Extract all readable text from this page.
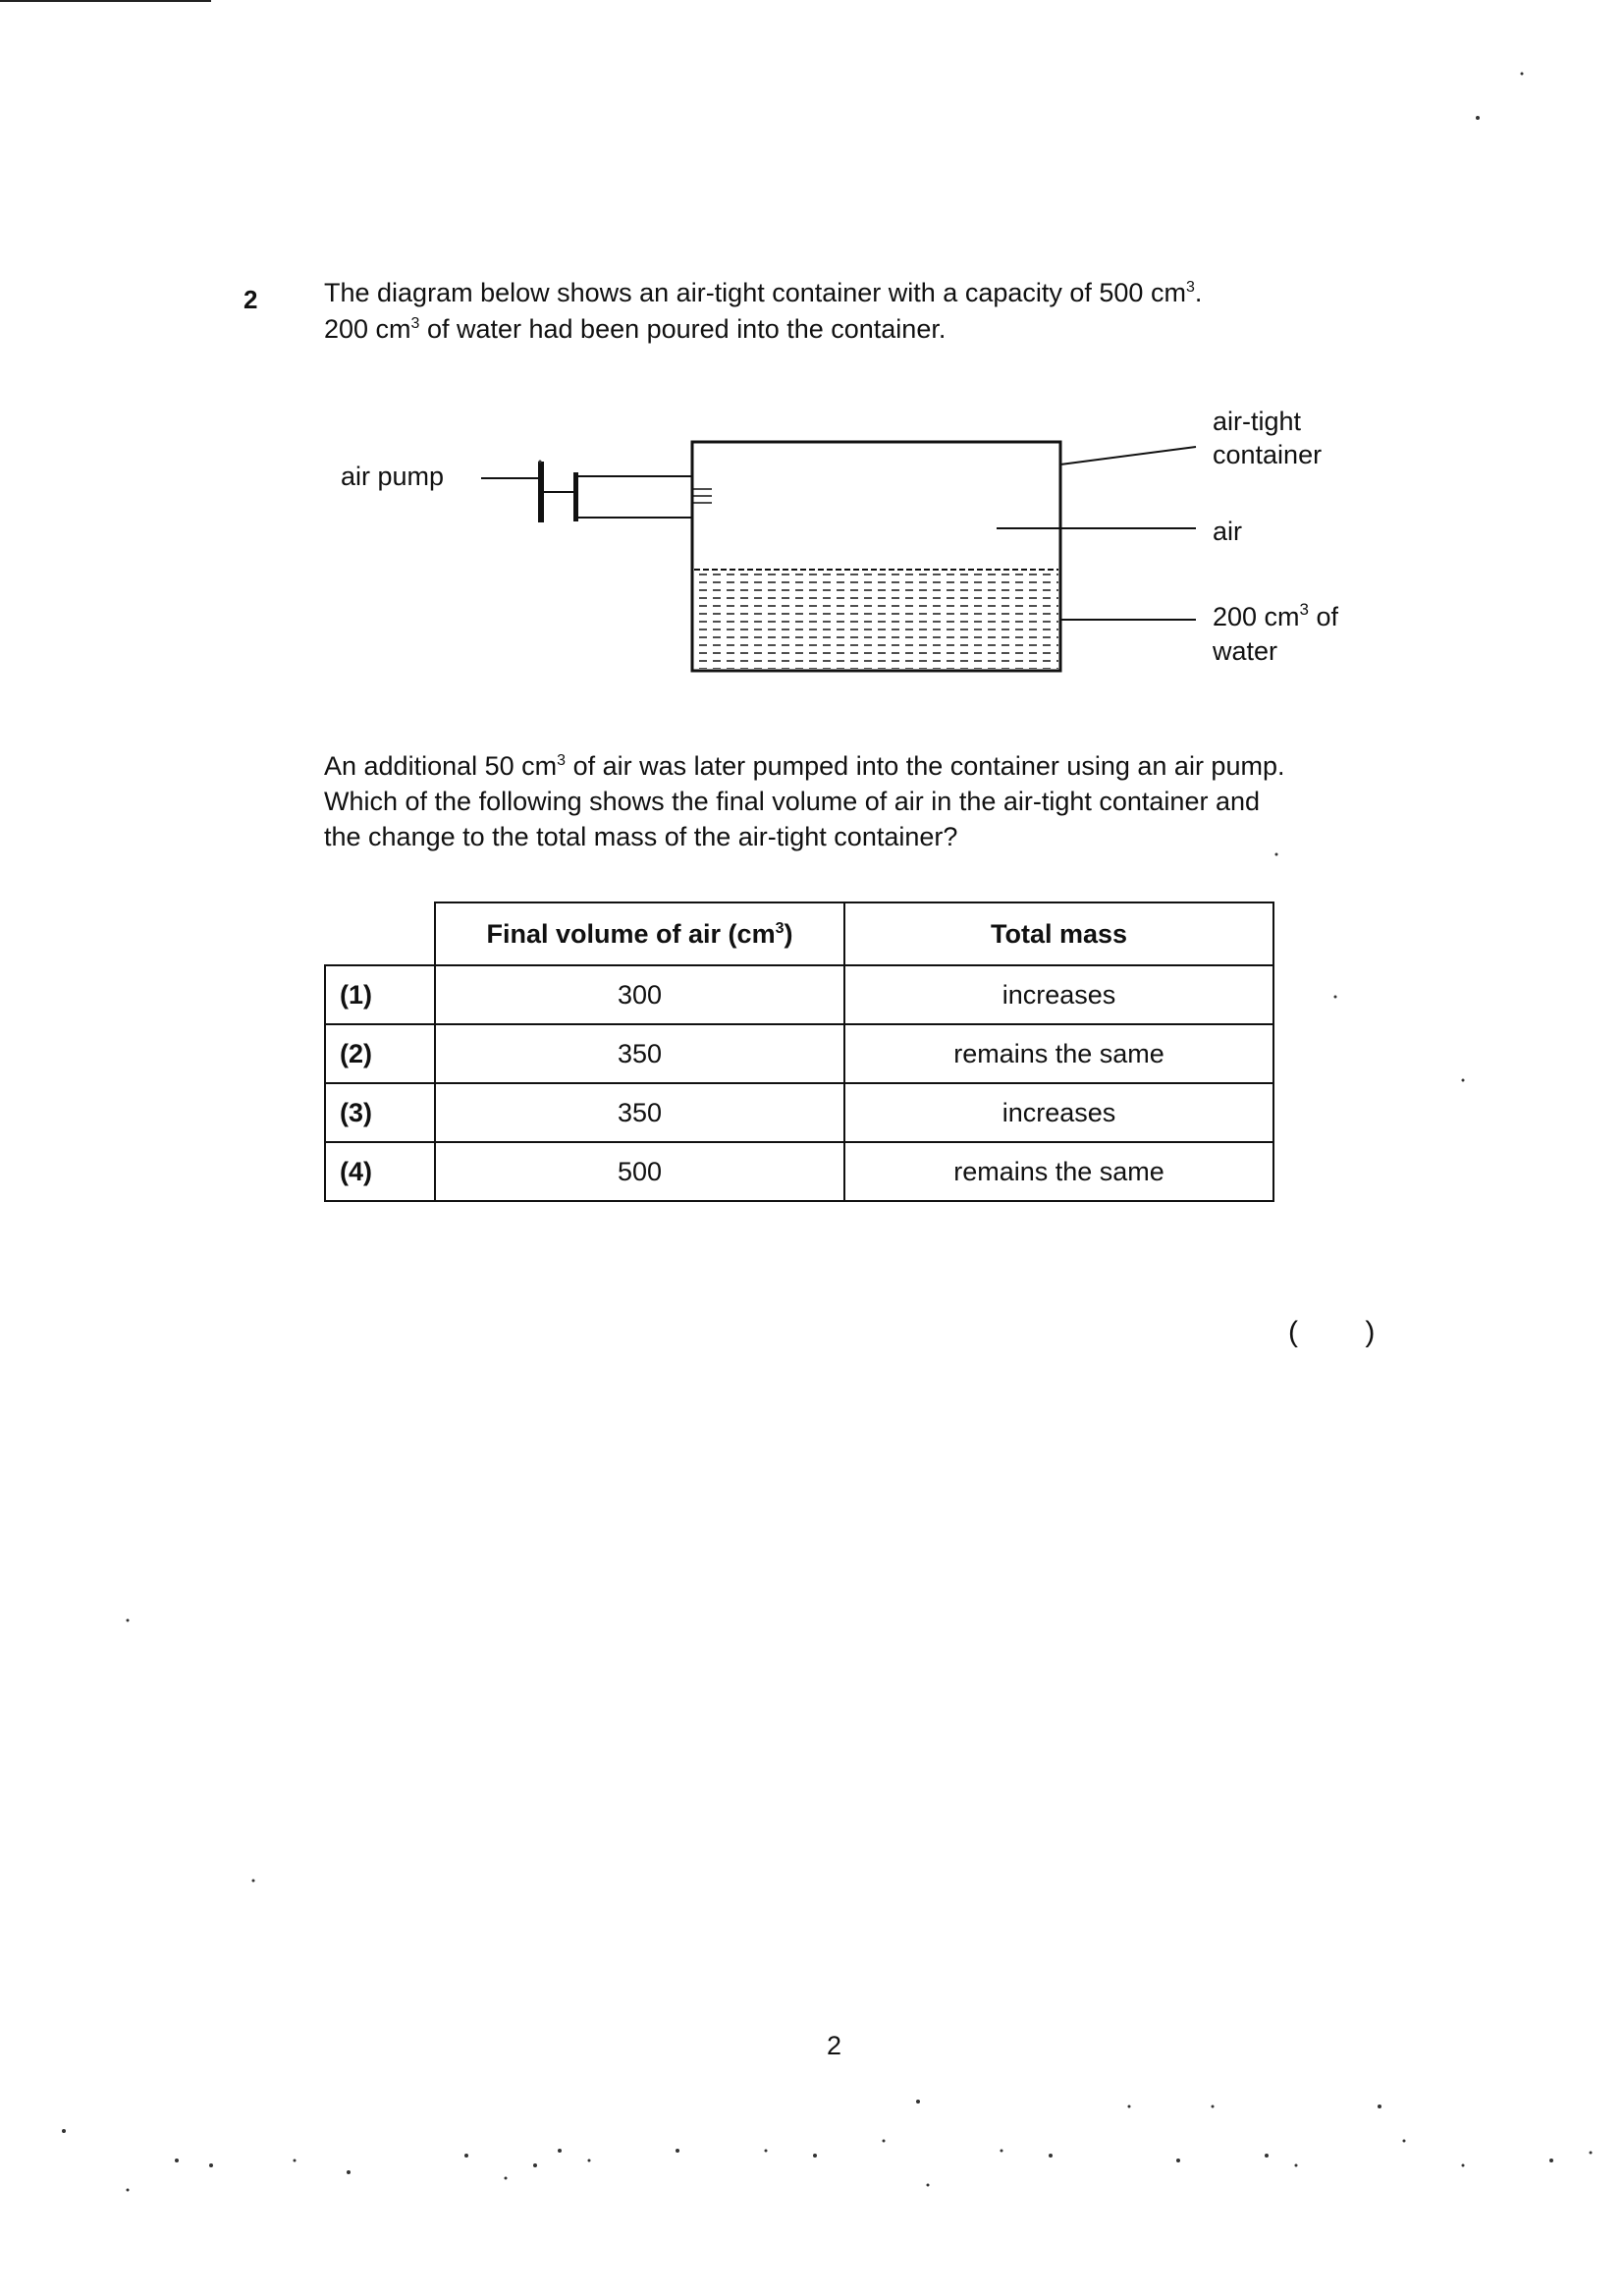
2	The diagram below shows an air-tight container with a capacity of 500 $cm^3$.
200 $cm^3$ of water had been poured into the container.
air pump
air-tight
container
air
200 $cm^3$ of
water
An additional 50 $cm^3$ of air was later pumped into the container using an air pump.
Which of the following shows the final volume of air in the air-tight container and
the change to the total mass of the air-tight container?
	Final volume of air $(cm^3)$	Total mass
(1)	300	increases
(2)	350	remains the same
(3)	350	increases
(4)	500	remains the same
( )
2
